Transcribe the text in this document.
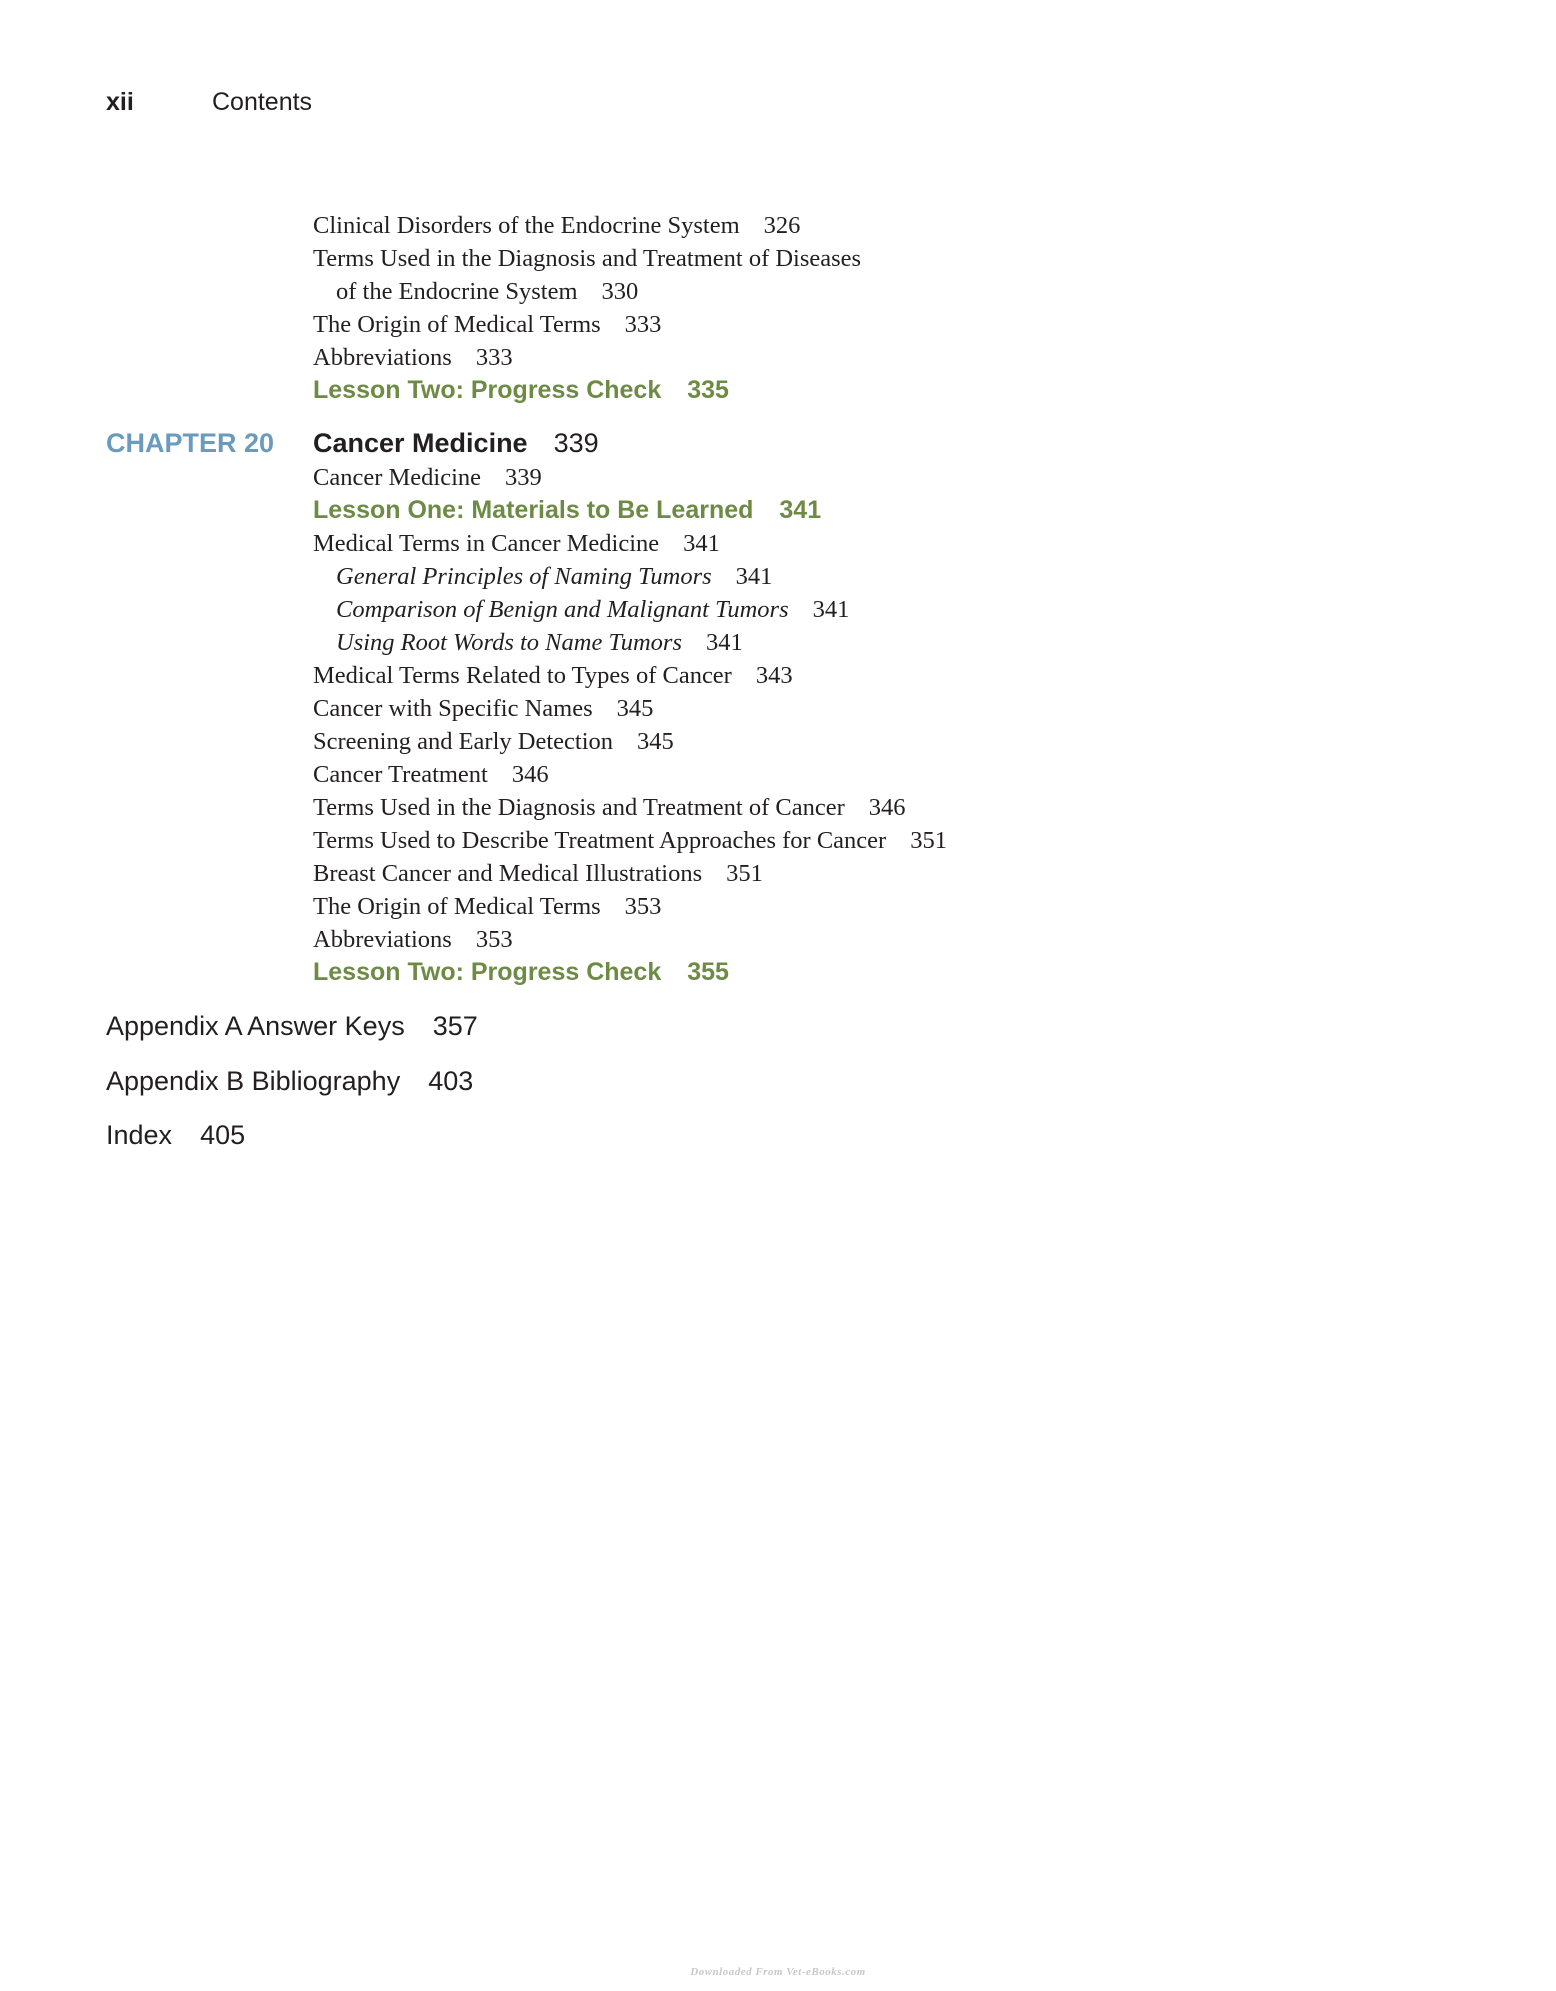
xii	Contents
Clinical Disorders of the Endocrine System 326
Terms Used in the Diagnosis and Treatment of Diseases
of the Endocrine System 330
The Origin of Medical Terms 333
Abbreviations 333
Lesson Two: Progress Check 335
CHAPTER 20 Cancer Medicine 339
Cancer Medicine 339
Lesson One: Materials to Be Learned 341
Medical Terms in Cancer Medicine 341
General Principles of Naming Tumors 341
Comparison of Benign and Malignant Tumors 341
Using Root Words to Name Tumors 341
Medical Terms Related to Types of Cancer 343
Cancer with Specific Names 345
Screening and Early Detection 345
Cancer Treatment 346
Terms Used in the Diagnosis and Treatment of Cancer 346
Terms Used to Describe Treatment Approaches for Cancer 351
Breast Cancer and Medical Illustrations 351
The Origin of Medical Terms 353
Abbreviations 353
Lesson Two: Progress Check 355
Appendix A Answer Keys 357
Appendix B Bibliography 403
Index 405
Downloaded From Vet-eBooks.com
